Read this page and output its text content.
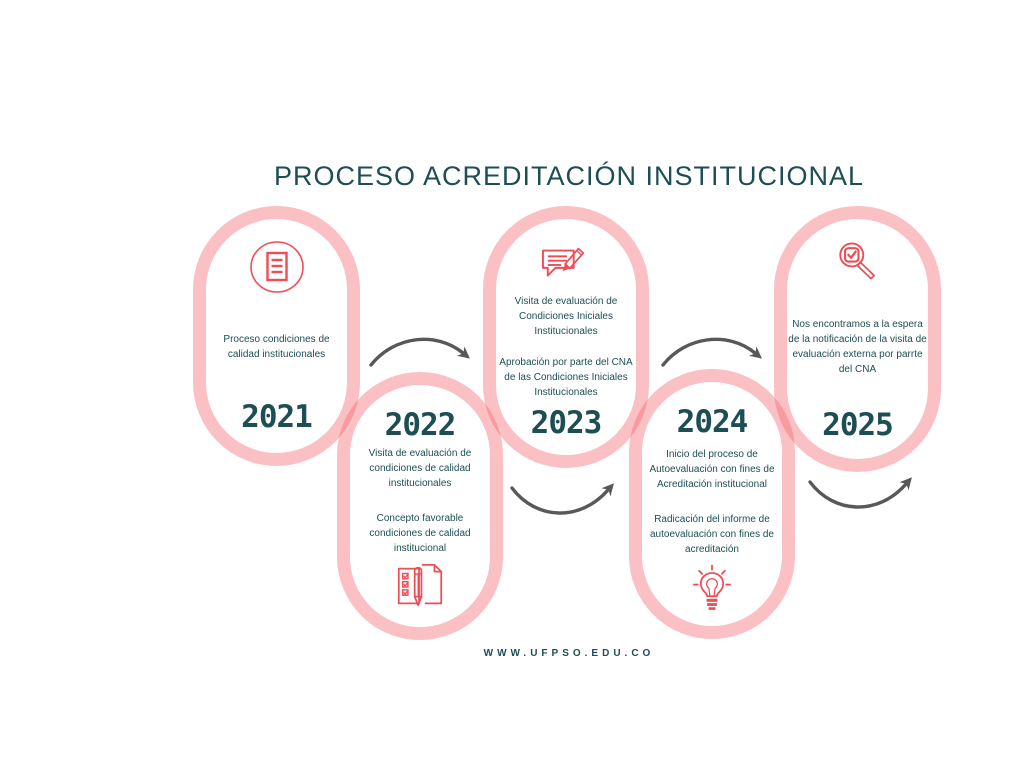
PROCESO ACREDITACIÓN INSTITUCIONAL

Proceso condiciones de calidad institucionales

2021 2022

Visita de evaluación de condiciones de calidad institucionales

Concepto favorable condiciones de calidad institucional

Visita de evaluación de Condiciones Iniciales Institucionales

Aprobación por parte del CNA de las Condiciones Iniciales Institucionales

2023 2024

Inicio del proceso de Autoevaluación con fines de Acreditación institucional

Radicación del informe de autoevaluación con fines de acreditación

Nos encontramos a la espera de la notificación de la visita de evaluación externa por parrte del CNA

2025
WWW.UFPSO.EDU.CO
